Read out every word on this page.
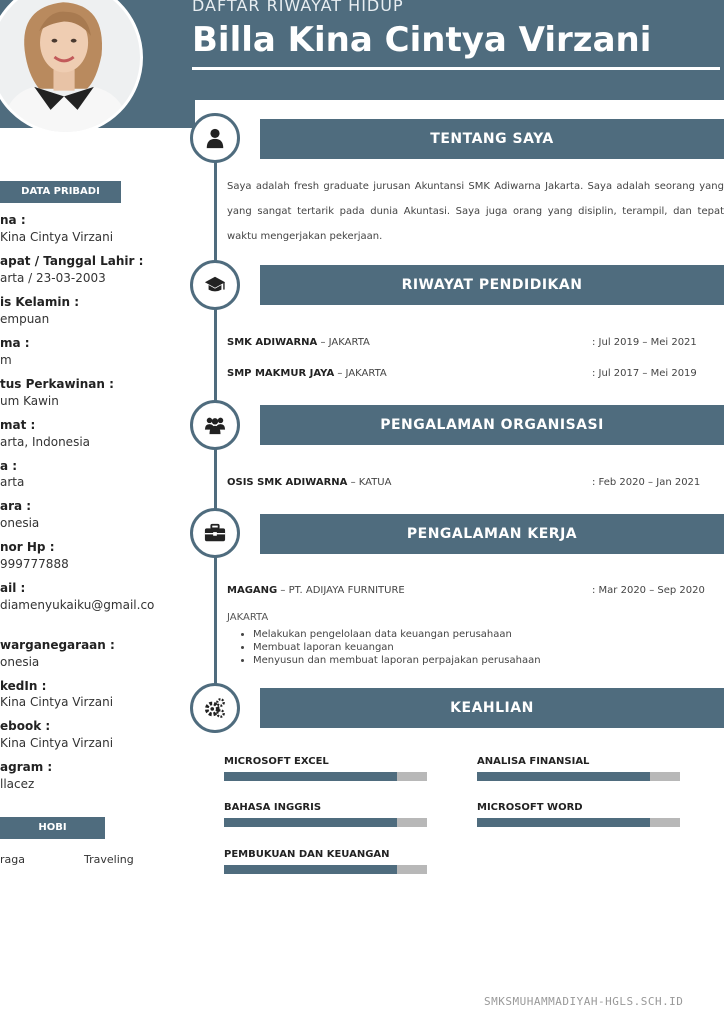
DAFTAR RIWAYAT HIDUP
Billa Kina Cintya Virzani
DATA PRIBADI
na :
Kina Cintya Virzani
apat / Tanggal Lahir :
arta / 23-03-2003
is Kelamin :
empuan
ma :
m
tus Perkawinan :
um Kawin
mat :
arta, Indonesia
a :
arta
ara :
onesia
nor Hp :
999777888
ail :
diamenyukaiku@gmail.co
warganegaraan :
onesia
kedIn :
Kina Cintya Virzani
ebook :
Kina Cintya Virzani
agram :
llacez
HOBI
raga	Traveling
TENTANG SAYA
Saya adalah fresh graduate jurusan Akuntansi SMK Adiwarna Jakarta. Saya adalah seorang yang yang sangat tertarik pada dunia Akuntasi. Saya juga orang yang disiplin, terampil, dan tepat waktu mengerjakan pekerjaan.
RIWAYAT PENDIDIKAN
SMK ADIWARNA – JAKARTA	: Jul 2019 – Mei 2021
SMP MAKMUR JAYA – JAKARTA	: Jul 2017 – Mei 2019
PENGALAMAN ORGANISASI
OSIS SMK ADIWARNA – KATUA	: Feb 2020 – Jan 2021
PENGALAMAN KERJA
MAGANG – PT. ADIJAYA FURNITURE	: Mar 2020 – Sep 2020
JAKARTA
• Melakukan pengelolaan data keuangan perusahaan
• Membuat laporan keuangan
• Menyusun dan membuat laporan perpajakan perusahaan
KEAHLIAN
MICROSOFT EXCEL	ANALISA FINANSIAL
BAHASA INGGRIS	MICROSOFT WORD
PEMBUKUAN DAN KEUANGAN
SMKSMUHAMMADIYAH-HGLS.SCH.ID
